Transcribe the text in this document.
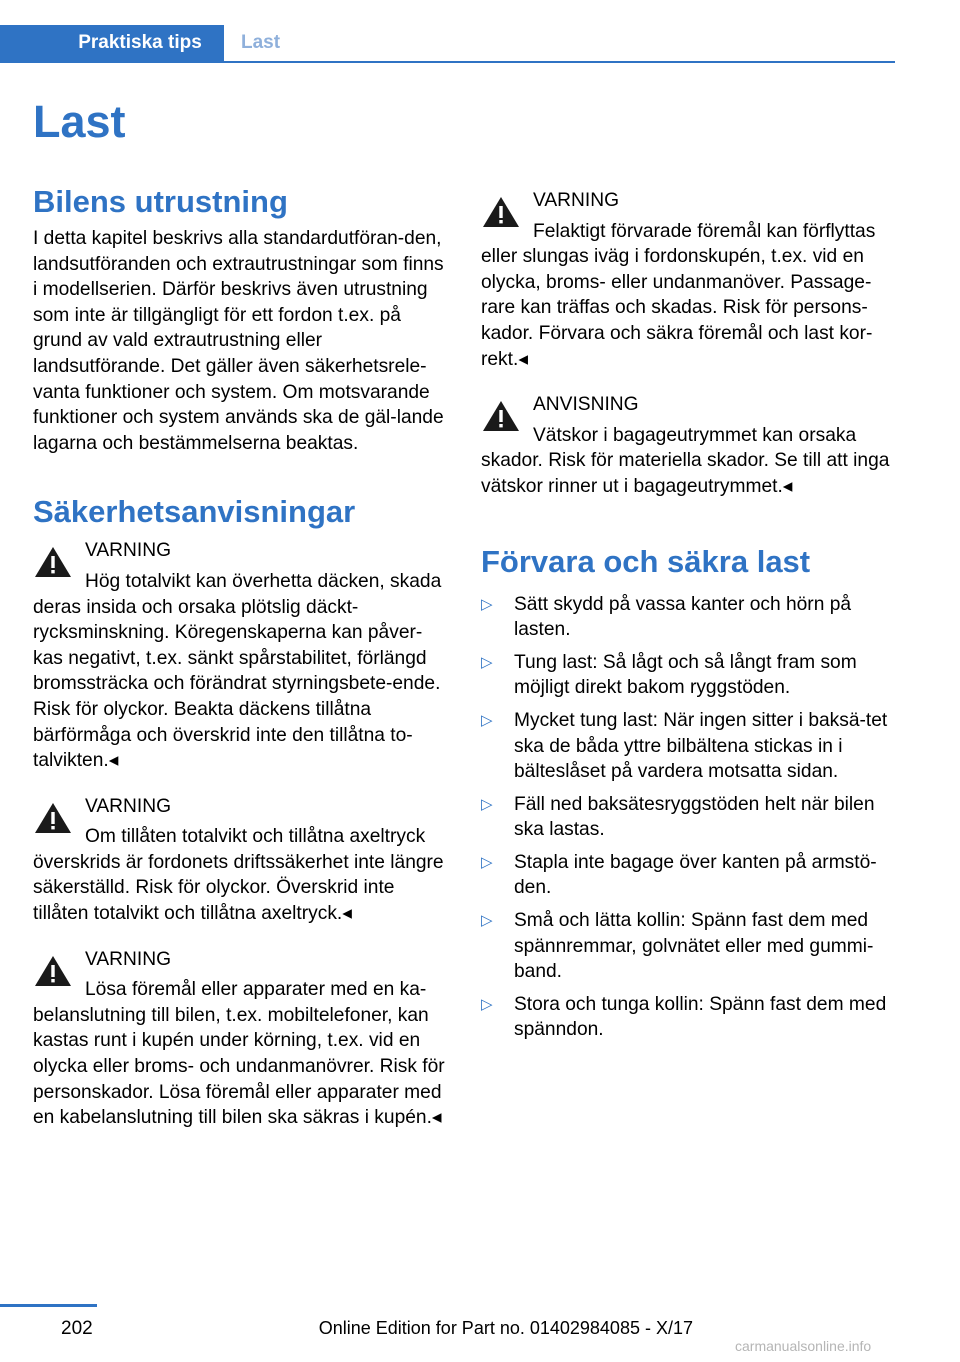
Praktiska tips	Last
Last
Bilens utrustning

I detta kapitel beskrivs alla standardutföran-den, landsutföranden och extrautrustningar som finns i modellserien. Därför beskrivs även utrustning som inte är tillgängligt för ett fordon t.ex. på grund av vald extrautrustning eller landsutförande. Det gäller även säkerhetsrele-vanta funktioner och system. Om motsvarande funktioner och system används ska de gäl-lande lagarna och bestämmelserna beaktas.

Säkerhetsanvisningar
VARNING

Hög totalvikt kan överhetta däcken, skada deras insida och orsaka plötslig däckt-rycksminskning. Köregenskaperna kan påver-kas negativt, t.ex. sänkt spårstabilitet, förlängd bromssträcka och förändrat styrningsbete-ende. Risk för olyckor. Beakta däckens tillåtna bärförmåga och överskrid inte den tillåtna to-talvikten.◂

VARNING

Om tillåten totalvikt och tillåtna axeltryck överskrids är fordonets driftssäkerhet inte längre säkerställd. Risk för olyckor. Överskrid inte tillåten totalvikt och tillåtna axeltryck.◂

VARNING

Lösa föremål eller apparater med en ka-belanslutning till bilen, t.ex. mobiltelefoner, kan kastas runt i kupén under körning, t.ex. vid en olycka eller broms- och undanmanövrer. Risk för personskador. Lösa föremål eller apparater med en kabelanslutning till bilen ska säkras i kupén.◂

VARNING

Felaktigt förvarade föremål kan förflyttas eller slungas iväg i fordonskupén, t.ex. vid en olycka, broms- eller undanmanöver. Passage-rare kan träffas och skadas. Risk för persons-kador. Förvara och säkra föremål och last kor-rekt.◂

ANVISNING

Vätskor i bagageutrymmet kan orsaka skador. Risk för materiella skador. Se till att inga vätskor rinner ut i bagageutrymmet.◂

Förvara och säkra last
▷ Sätt skydd på vassa kanter och hörn på lasten.
▷ Tung last: Så lågt och så långt fram som möjligt direkt bakom ryggstöden.
▷ Mycket tung last: När ingen sitter i baksä-tet ska de båda yttre bilbältena stickas in i bälteslåset på vardera motsatta sidan.
▷ Fäll ned baksätesryggstöden helt när bilen ska lastas.
▷ Stapla inte bagage över kanten på armstö-den.
▷ Små och lätta kollin: Spänn fast dem med spännremmar, golvnätet eller med gummi-band.
▷ Stora och tunga kollin: Spänn fast dem med spänndon.
202	Online Edition for Part no. 01402984085 - X/17
carmanualsonline.info
